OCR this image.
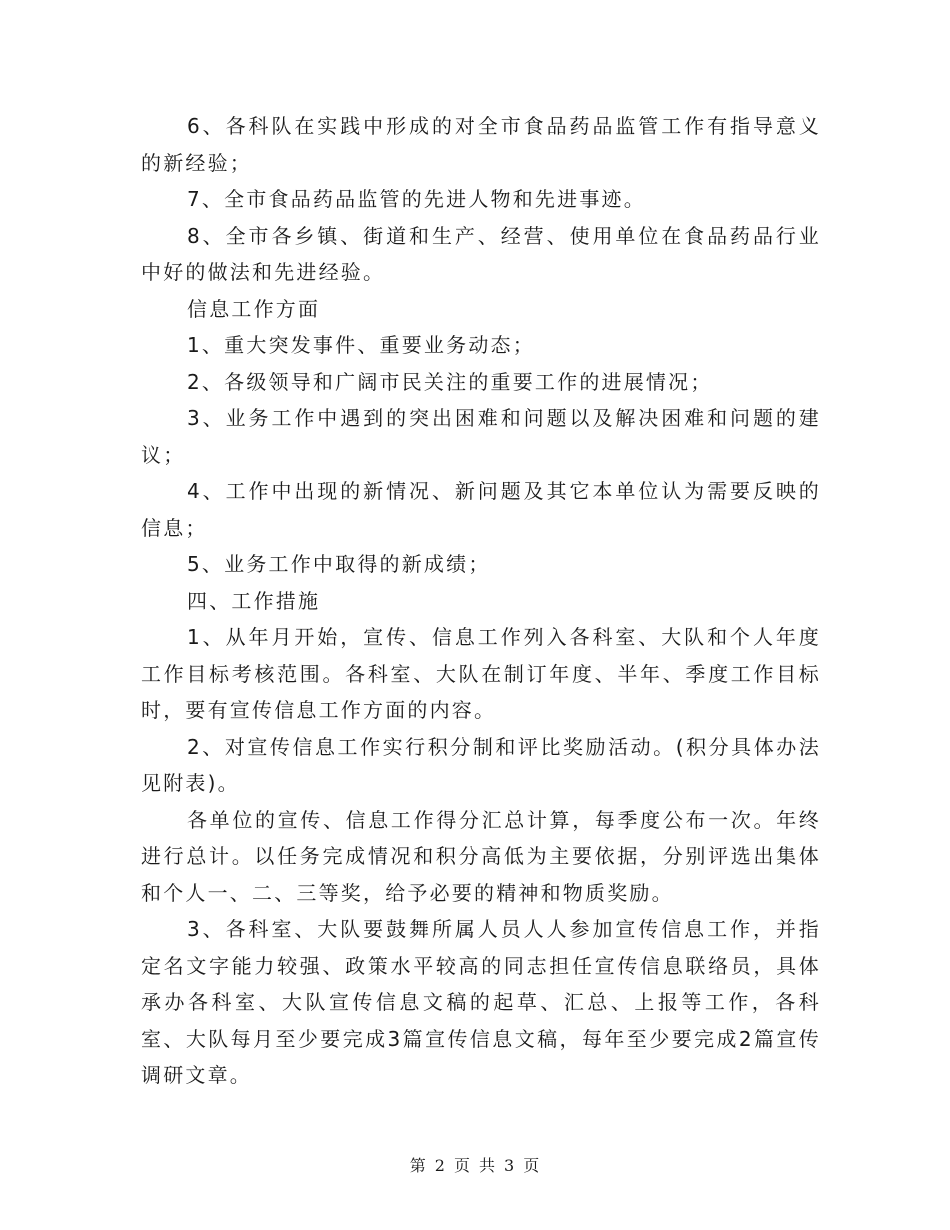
6、各科队在实践中形成的对全市食品药品监管工作有指导意义的新经验；

7、全市食品药品监管的先进人物和先进事迹。

8、全市各乡镇、街道和生产、经营、使用单位在食品药品行业中好的做法和先进经验。

信息工作方面

1、重大突发事件、重要业务动态；

2、各级领导和广阔市民关注的重要工作的进展情况；

3、业务工作中遇到的突出困难和问题以及解决困难和问题的建议；

4、工作中出现的新情况、新问题及其它本单位认为需要反映的信息；

5、业务工作中取得的新成绩；

四、工作措施

1、从年月开始，宣传、信息工作列入各科室、大队和个人年度工作目标考核范围。各科室、大队在制订年度、半年、季度工作目标时，要有宣传信息工作方面的内容。

2、对宣传信息工作实行积分制和评比奖励活动。(积分具体办法见附表)。

各单位的宣传、信息工作得分汇总计算，每季度公布一次。年终进行总计。以任务完成情况和积分高低为主要依据，分别评选出集体和个人一、二、三等奖，给予必要的精神和物质奖励。

3、各科室、大队要鼓舞所属人员人人参加宣传信息工作，并指定名文字能力较强、政策水平较高的同志担任宣传信息联络员，具体承办各科室、大队宣传信息文稿的起草、汇总、上报等工作，各科室、大队每月至少要完成3篇宣传信息文稿，每年至少要完成2篇宣传调研文章。

第 2 页 共 3 页
